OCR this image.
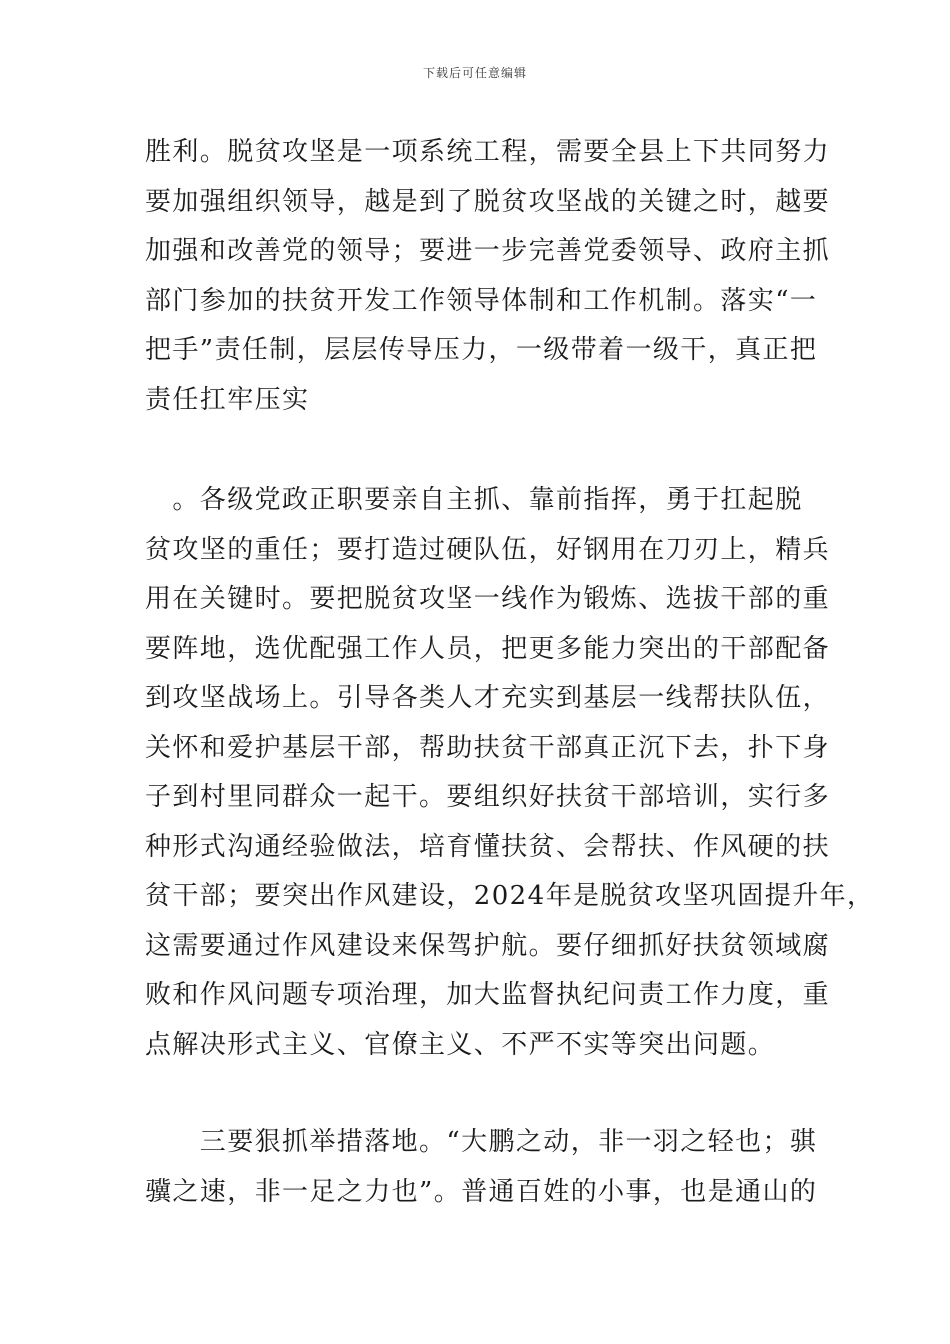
下载后可任意编辑

胜利。脱贫攻坚是一项系统工程，需要全县上下共同努力
要加强组织领导，越是到了脱贫攻坚战的关键之时，越要
加强和改善党的领导；要进一步完善党委领导、政府主抓
部门参加的扶贫开发工作领导体制和工作机制。落实“一
把手”责任制，层层传导压力，一级带着一级干，真正把
责任扛牢压实

　。各级党政正职要亲自主抓、靠前指挥，勇于扛起脱
贫攻坚的重任；要打造过硬队伍，好钢用在刀刃上，精兵
用在关键时。要把脱贫攻坚一线作为锻炼、选拔干部的重
要阵地，选优配强工作人员，把更多能力突出的干部配备
到攻坚战场上。引导各类人才充实到基层一线帮扶队伍，
关怀和爱护基层干部，帮助扶贫干部真正沉下去，扑下身
子到村里同群众一起干。要组织好扶贫干部培训，实行多
种形式沟通经验做法，培育懂扶贫、会帮扶、作风硬的扶
贫干部；要突出作风建设，2024年是脱贫攻坚巩固提升年，
这需要通过作风建设来保驾护航。要仔细抓好扶贫领域腐
败和作风问题专项治理，加大监督执纪问责工作力度，重
点解决形式主义、官僚主义、不严不实等突出问题。

　　三要狠抓举措落地。“大鹏之动，非一羽之轻也；骐
骥之速，非一足之力也”。普通百姓的小事，也是通山的
